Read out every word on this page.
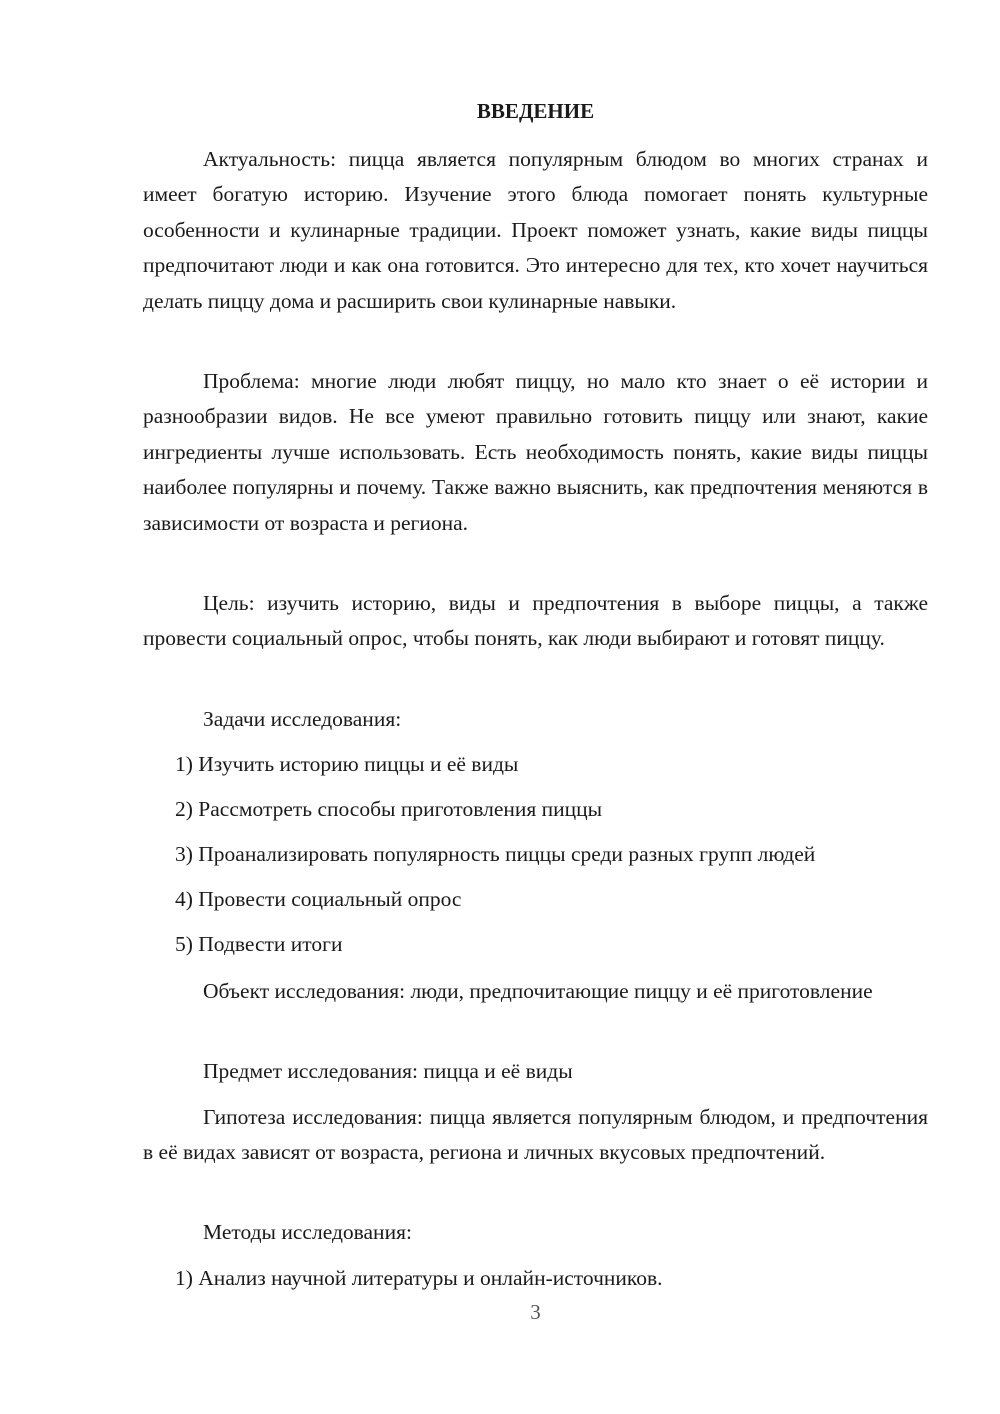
ВВЕДЕНИЕ

Актуальность: пицца является популярным блюдом во многих странах и имеет богатую историю. Изучение этого блюда помогает понять культурные особенности и кулинарные традиции. Проект поможет узнать, какие виды пиццы предпочитают люди и как она готовится. Это интересно для тех, кто хочет научиться делать пиццу дома и расширить свои кулинарные навыки.

Проблема: многие люди любят пиццу, но мало кто знает о её истории и разнообразии видов. Не все умеют правильно готовить пиццу или знают, какие ингредиенты лучше использовать. Есть необходимость понять, какие виды пиццы наиболее популярны и почему. Также важно выяснить, как предпочтения меняются в зависимости от возраста и региона.

Цель: изучить историю, виды и предпочтения в выборе пиццы, а также провести социальный опрос, чтобы понять, как люди выбирают и готовят пиццу.

Задачи исследования:

1) Изучить историю пиццы и её виды

2) Рассмотреть способы приготовления пиццы

3) Проанализировать популярность пиццы среди разных групп людей

4) Провести социальный опрос

5) Подвести итоги

Объект исследования: люди, предпочитающие пиццу и её приготовление

Предмет исследования: пицца и её виды

Гипотеза исследования: пицца является популярным блюдом, и предпочтения в её видах зависят от возраста, региона и личных вкусовых предпочтений.

Методы исследования:

1) Анализ научной литературы и онлайн-источников.

3
